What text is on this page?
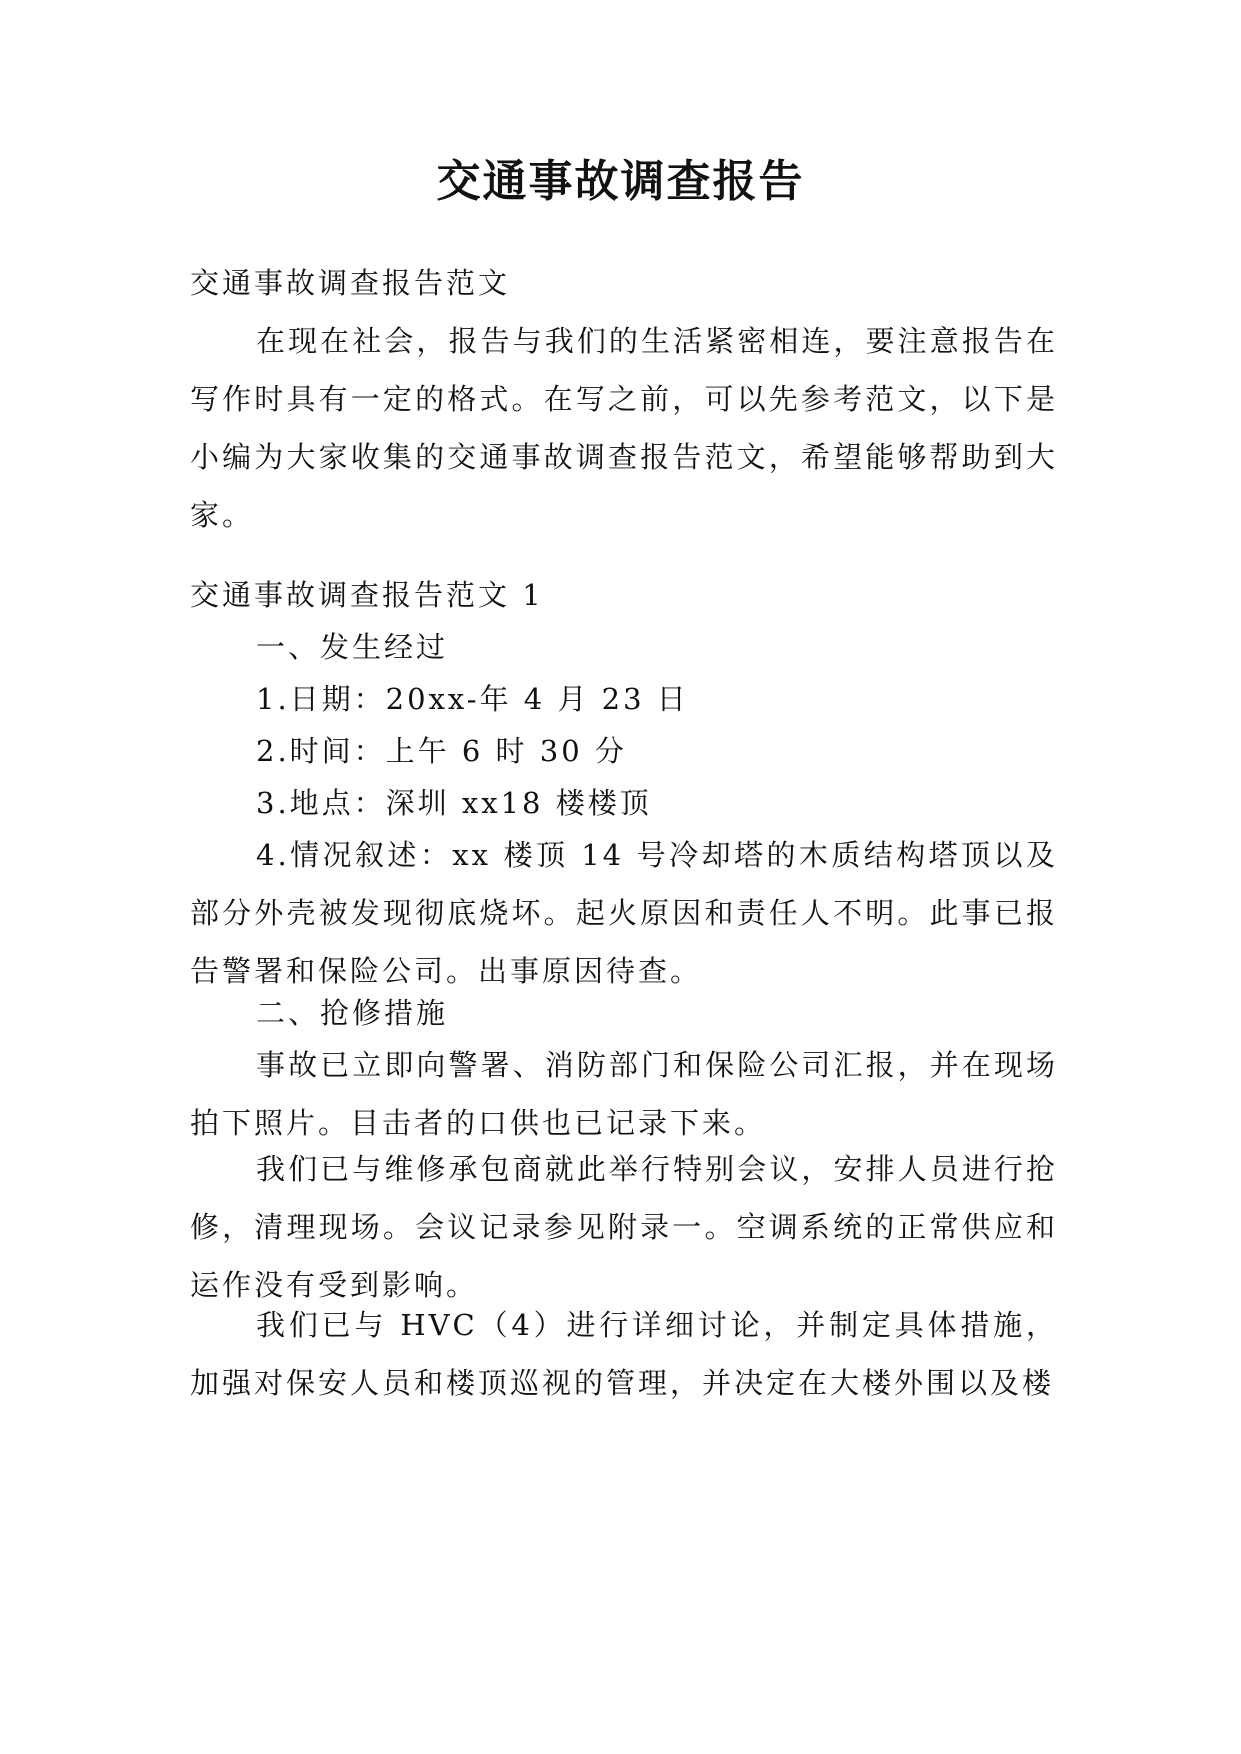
交通事故调查报告

交通事故调查报告范文

在现在社会，报告与我们的生活紧密相连，要注意报告在写作时具有一定的格式。在写之前，可以先参考范文，以下是小编为大家收集的交通事故调查报告范文，希望能够帮助到大家。

交通事故调查报告范文 1

一、发生经过

1.日期：20xx-年 4 月 23 日

2.时间：上午 6 时 30 分

3.地点：深圳 xx18 楼楼顶

4.情况叙述：xx 楼顶 14 号冷却塔的木质结构塔顶以及部分外壳被发现彻底烧坏。起火原因和责任人不明。此事已报告警署和保险公司。出事原因待查。

二、抢修措施

事故已立即向警署、消防部门和保险公司汇报，并在现场拍下照片。目击者的口供也已记录下来。

我们已与维修承包商就此举行特别会议，安排人员进行抢修，清理现场。会议记录参见附录一。空调系统的正常供应和运作没有受到影响。

我们已与 HVC（4）进行详细讨论，并制定具体措施，加强对保安人员和楼顶巡视的管理，并决定在大楼外围以及楼
